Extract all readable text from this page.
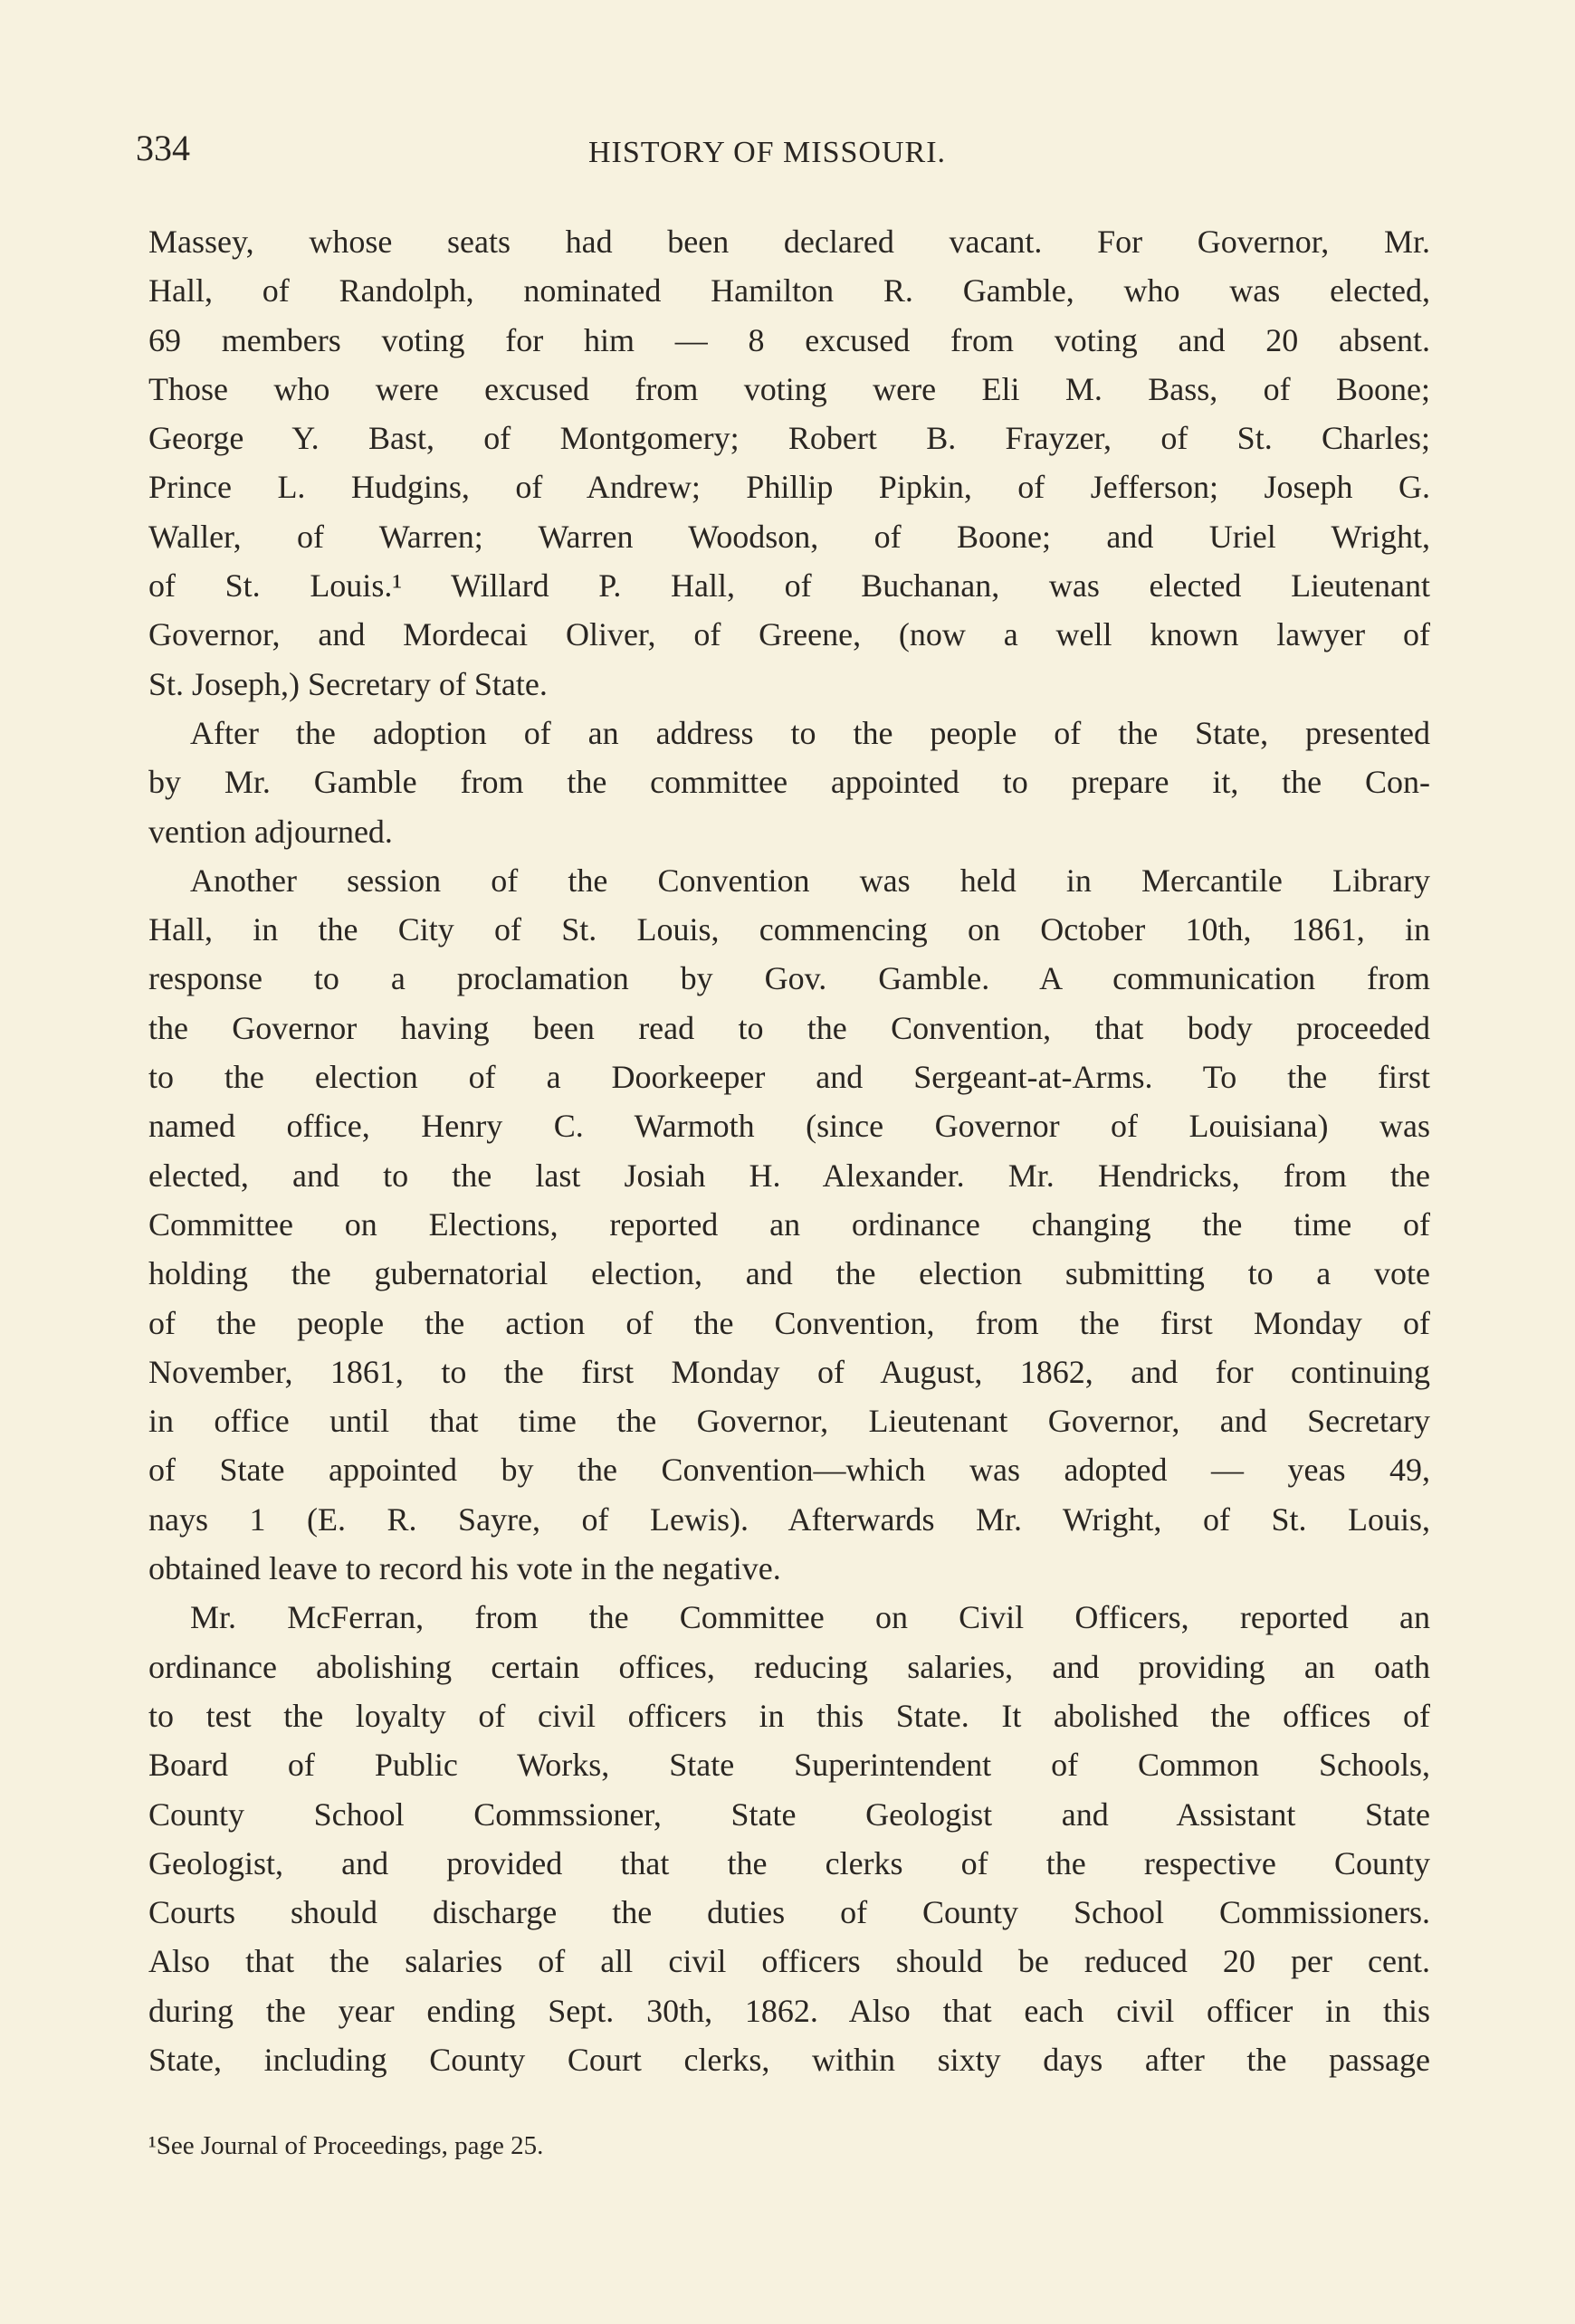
334	HISTORY OF MISSOURI.
Massey, whose seats had been declared vacant. For Governor, Mr.
Hall, of Randolph, nominated Hamilton R. Gamble, who was elected,
69 members voting for him — 8 excused from voting and 20 absent.
Those who were excused from voting were Eli M. Bass, of Boone;
George Y. Bast, of Montgomery; Robert B. Frayzer, of St. Charles;
Prince L. Hudgins, of Andrew; Phillip Pipkin, of Jefferson; Joseph G.
Waller, of Warren; Warren Woodson, of Boone; and Uriel Wright,
of St. Louis.¹ Willard P. Hall, of Buchanan, was elected Lieutenant
Governor, and Mordecai Oliver, of Greene, (now a well known lawyer of
St. Joseph,) Secretary of State.
After the adoption of an address to the people of the State, presented
by Mr. Gamble from the committee appointed to prepare it, the Con-
vention adjourned.
Another session of the Convention was held in Mercantile Library
Hall, in the City of St. Louis, commencing on October 10th, 1861, in
response to a proclamation by Gov. Gamble. A communication from
the Governor having been read to the Convention, that body proceeded
to the election of a Doorkeeper and Sergeant-at-Arms. To the first
named office, Henry C. Warmoth (since Governor of Louisiana) was
elected, and to the last Josiah H. Alexander. Mr. Hendricks, from the
Committee on Elections, reported an ordinance changing the time of
holding the gubernatorial election, and the election submitting to a vote
of the people the action of the Convention, from the first Monday of
November, 1861, to the first Monday of August, 1862, and for continuing
in office until that time the Governor, Lieutenant Governor, and Secretary
of State appointed by the Convention—which was adopted — yeas 49,
nays 1 (E. R. Sayre, of Lewis). Afterwards Mr. Wright, of St. Louis,
obtained leave to record his vote in the negative.
Mr. McFerran, from the Committee on Civil Officers, reported an
ordinance abolishing certain offices, reducing salaries, and providing an oath
to test the loyalty of civil officers in this State. It abolished the offices of
Board of Public Works, State Superintendent of Common Schools,
County School Commssioner, State Geologist and Assistant State
Geologist, and provided that the clerks of the respective County
Courts should discharge the duties of County School Commissioners.
Also that the salaries of all civil officers should be reduced 20 per cent.
during the year ending Sept. 30th, 1862. Also that each civil officer in this
State, including County Court clerks, within sixty days after the passage
¹See Journal of Proceedings, page 25.
